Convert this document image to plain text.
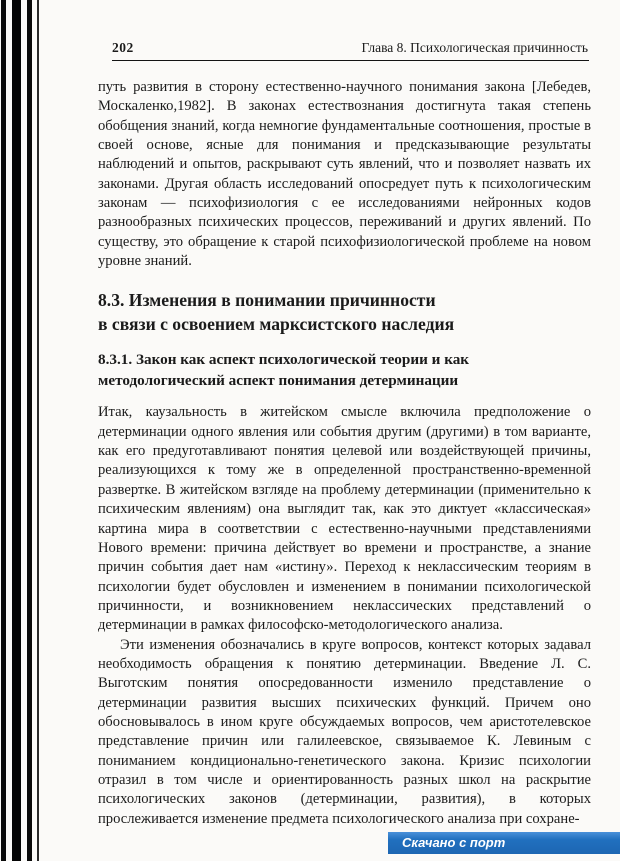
202	Глава 8. Психологическая причинность

путь развития в сторону естественно-научного понимания закона [Лебедев, Москаленко,1982]. В законах естествознания достигнута такая степень обобщения знаний, когда немногие фундаментальные соотношения, простые в своей основе, ясные для понимания и предсказывающие результаты наблюдений и опытов, раскрывают суть явлений, что и позволяет назвать их законами. Другая область исследований опосредует путь к психологическим законам — психофизиология с ее исследованиями нейронных кодов разнообразных психических процессов, переживаний и других явлений. По существу, это обращение к старой психофизиологической проблеме на новом уровне знаний.

8.3. Изменения в понимании причинности
в связи с освоением марксистского наследия
8.3.1. Закон как аспект психологической теории и как методологический аспект понимания детерминации

Итак, каузальность в житейском смысле включила предположение о детерминации одного явления или события другим (другими) в том варианте, как его предуготавливают понятия целевой или воздействующей причины, реализующихся к тому же в определенной пространственно-временной развертке. В житейском взгляде на проблему детерминации (применительно к психическим явлениям) она выглядит так, как это диктует «классическая» картина мира в соответствии с естественно-научными представлениями Нового времени: причина действует во времени и пространстве, а знание причин события дает нам «истину». Переход к неклассическим теориям в психологии будет обусловлен и изменением в понимании психологической причинности, и возникновением неклассических представлений о детерминации в рамках философско-методологического анализа.

Эти изменения обозначались в круге вопросов, контекст которых задавал необходимость обращения к понятию детерминации. Введение Л. С. Выготским понятия опосредованности изменило представление о детерминации развития высших психических функций. Причем оно обосновывалось в ином круге обсуждаемых вопросов, чем аристотелевское представление причин или галилеевское, связываемое К. Левиным с пониманием кондиционально-генетического закона. Кризис психологии отразил в том числе и ориентированность разных школ на раскрытие психологических законов (детерминации, развития), в которых прослеживается изменение предмета психологического анализа при сохране-

Скачано с порт
